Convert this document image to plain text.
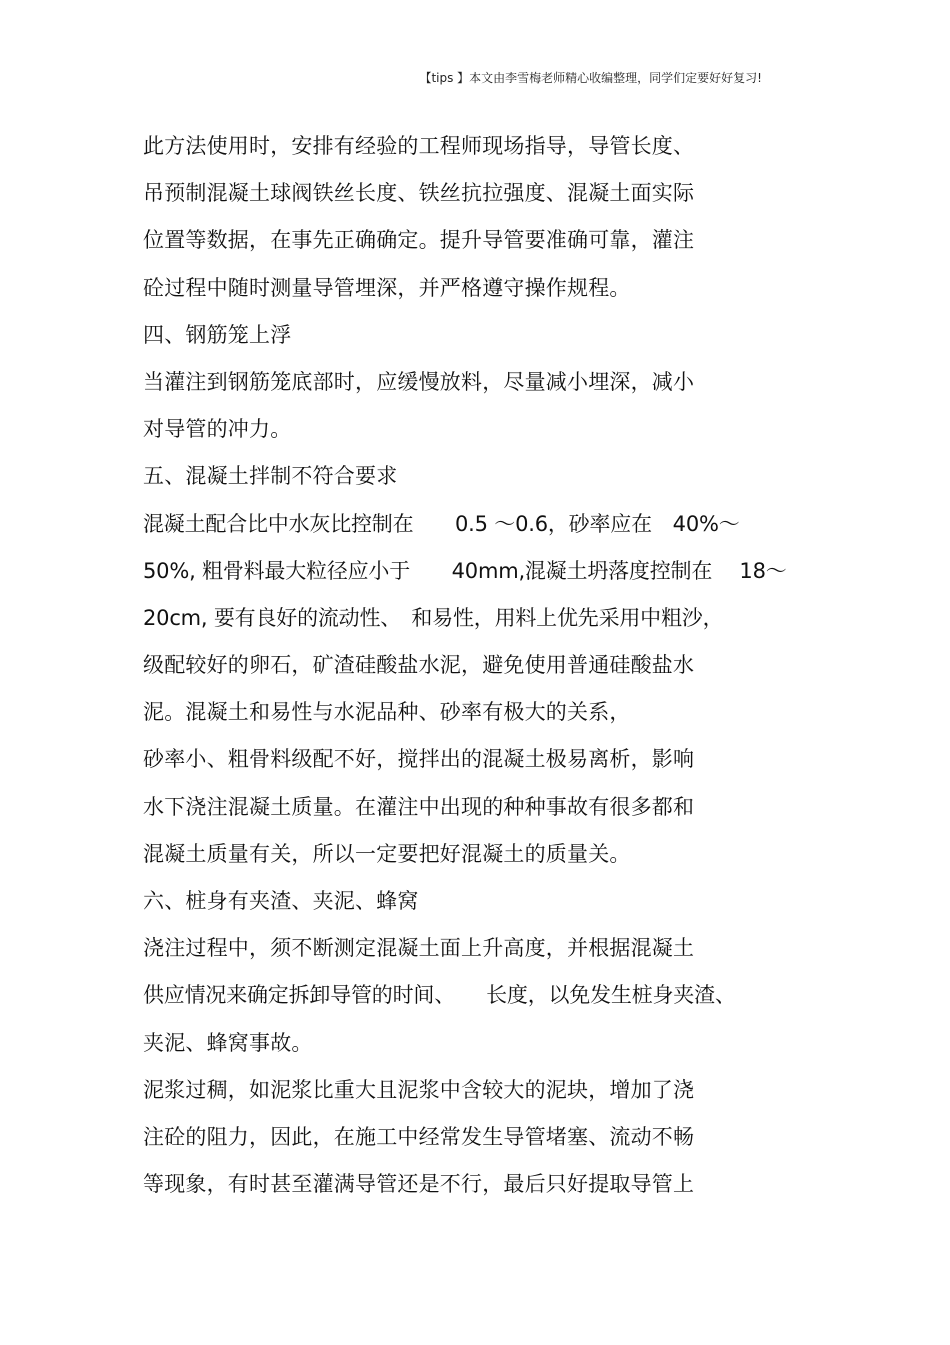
【tips 】本文由李雪梅老师精心收编整理，同学们定要好好复习!
此方法使用时，安排有经验的工程师现场指导，导管长度、
吊预制混凝土球阀铁丝长度、铁丝抗拉强度、混凝土面实际
位置等数据，在事先正确确定。提升导管要准确可靠，灌注
砼过程中随时测量导管埋深，并严格遵守操作规程。
四、钢筋笼上浮
当灌注到钢筋笼底部时，应缓慢放料，尽量减小埋深，减小
对导管的冲力。
五、混凝土拌制不符合要求
混凝土配合比中水灰比控制在　　0.5 ～0.6，砂率应在　40%～
50%, 粗骨料最大粒径应小于　　40mm,混凝土坍落度控制在　 18～
20cm, 要有良好的流动性、　和易性，用料上优先采用中粗沙，
级配较好的卵石，矿渣硅酸盐水泥，避免使用普通硅酸盐水
泥。混凝土和易性与水泥品种、砂率有极大的关系，
砂率小、粗骨料级配不好，搅拌出的混凝土极易离析，影响
水下浇注混凝土质量。在灌注中出现的种种事故有很多都和
混凝土质量有关，所以一定要把好混凝土的质量关。
六、桩身有夹渣、夹泥、蜂窝
浇注过程中，须不断测定混凝土面上升高度，并根据混凝土
供应情况来确定拆卸导管的时间、　　长度，以免发生桩身夹渣、
夹泥、蜂窝事故。
泥浆过稠，如泥浆比重大且泥浆中含较大的泥块，增加了浇
注砼的阻力，因此，在施工中经常发生导管堵塞、流动不畅
等现象，有时甚至灌满导管还是不行，最后只好提取导管上
